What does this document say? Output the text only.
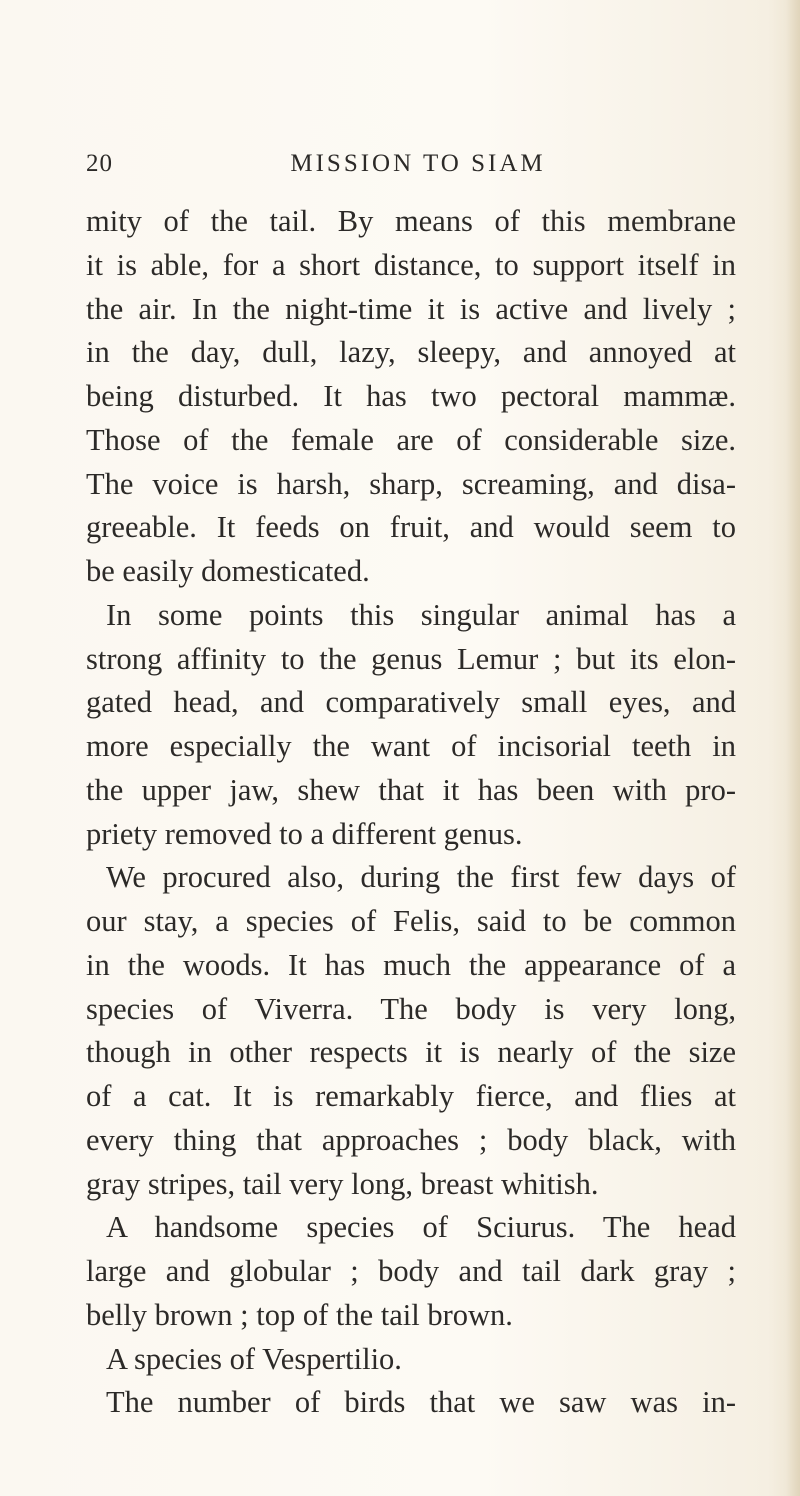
20	MISSION TO SIAM
mity of the tail. By means of this membrane
it is able, for a short distance, to support itself in
the air. In the night-time it is active and lively ;
in the day, dull, lazy, sleepy, and annoyed at
being disturbed. It has two pectoral mammæ.
Those of the female are of considerable size.
The voice is harsh, sharp, screaming, and disa-
greeable. It feeds on fruit, and would seem to
be easily domesticated.
In some points this singular animal has a
strong affinity to the genus Lemur ; but its elon-
gated head, and comparatively small eyes, and
more especially the want of incisorial teeth in
the upper jaw, shew that it has been with pro-
priety removed to a different genus.
We procured also, during the first few days of
our stay, a species of Felis, said to be common
in the woods. It has much the appearance of a
species of Viverra. The body is very long,
though in other respects it is nearly of the size
of a cat. It is remarkably fierce, and flies at
every thing that approaches ; body black, with
gray stripes, tail very long, breast whitish.
A handsome species of Sciurus. The head
large and globular ; body and tail dark gray ;
belly brown ; top of the tail brown.
A species of Vespertilio.
The number of birds that we saw was in-
